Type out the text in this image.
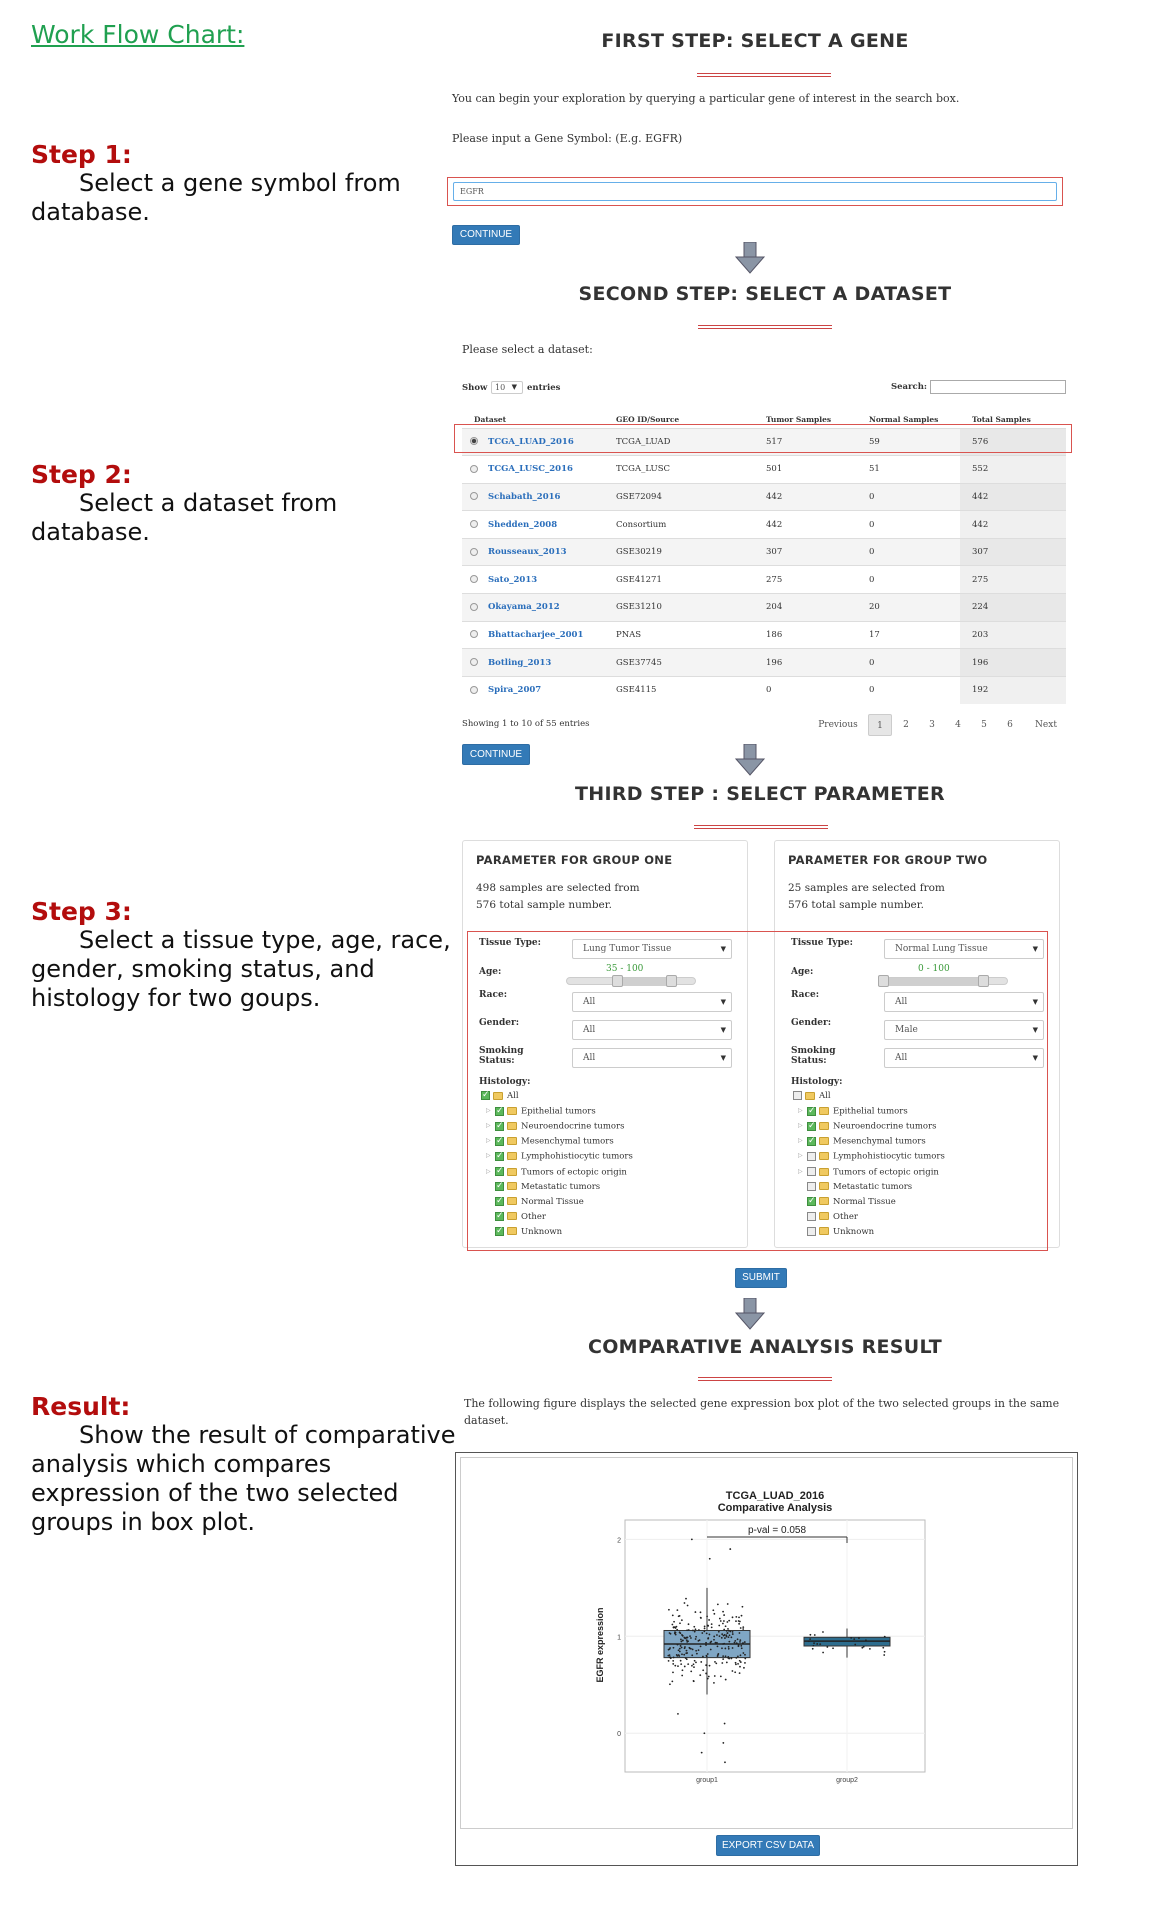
Work Flow Chart:
Step 1:
Select a gene symbol from database.
Step 2:
Select a dataset from database.
Step 3:
Select a tissue type, age, race, gender, smoking status, and histology for two goups.
Result:
Show the result of comparative analysis which compares expression of the two selected groups in box plot.
FIRST STEP: SELECT A GENE
You can begin your exploration by querying a particular gene of interest in the search box.
Please input a Gene Symbol: (E.g. EGFR)
EGFR
CONTINUE
SECOND STEP: SELECT A DATASET
Please select a dataset:
Show 10 ▼ entries	Search:
Dataset	GEO ID/Source	Tumor Samples	Normal Samples	Total Samples
TCGA_LUAD_2016	TCGA_LUAD	517	59	576
TCGA_LUSC_2016	TCGA_LUSC	501	51	552
Schabath_2016	GSE72094	442	0	442
Shedden_2008	Consortium	442	0	442
Rousseaux_2013	GSE30219	307	0	307
Sato_2013	GSE41271	275	0	275
Okayama_2012	GSE31210	204	20	224
Bhattacharjee_2001	PNAS	186	17	203
Botling_2013	GSE37745	196	0	196
Spira_2007	GSE4115	0	0	192
Showing 1 to 10 of 55 entries	Previous	1	2	3	4	5	6	Next
CONTINUE
THIRD STEP : SELECT PARAMETER
PARAMETER FOR GROUP ONE
498 samples are selected from
576 total sample number.
Tissue Type:
Lung Tumor Tissue	▼
Age:	35 - 100
Race:
All	▼
Gender:
All	▼
Smoking Status:	All	▼
Histology:
✓All
▷ ✓	Epithelial tumors
▷ ✓	Neuroendocrine tumors
▷ ✓	Mesenchymal tumors
▷ ✓	Lymphohistiocytic tumors
▷ ✓	Tumors of ectopic origin
✓Metastatic tumors
✓Normal Tissue
✓Other
✓Unknown
PARAMETER FOR GROUP TWO
25 samples are selected from
576 total sample number.
Tissue Type:
Normal Lung Tissue	▼
Age:	0 - 100
Race:
All	▼
Gender:
Male	▼
Smoking Status:	All	▼
Histology:
All
▷ ✓	Epithelial tumors
▷ ✓	Neuroendocrine tumors
▷ ✓	Mesenchymal tumors
▷	Lymphohistiocytic tumors
▷	Tumors of ectopic origin
Metastatic tumors
✓Normal Tissue
Other
Unknown
SUBMIT
COMPARATIVE ANALYSIS RESULT
The following figure displays the selected gene expression box plot of the two selected groups in the same dataset.
TCGA_LUAD_2016
Comparative Analysis
0
1
2
group1	group2
p-val = 0.058
EGFR expression
EXPORT CSV DATA
